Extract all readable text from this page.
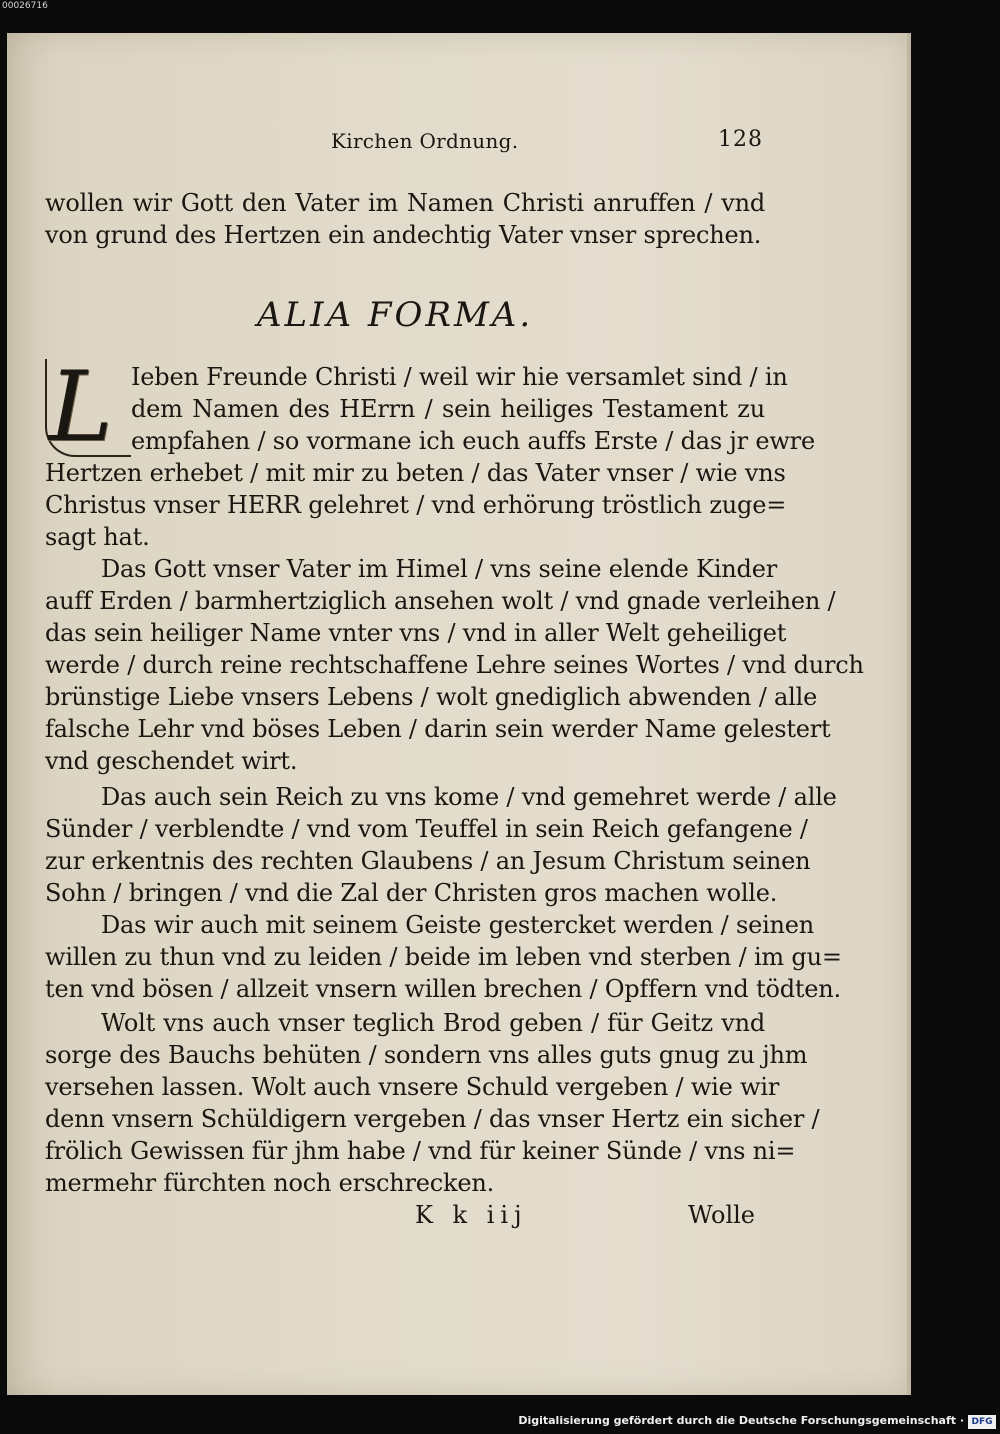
00026716
Kirchen Ordnung.	128
wollen wir Gott den Vater im Namen Christi anruffen / vnd
von grund des Hertzen ein andechtig Vater vnser sprechen.
ALIA FORMA.
L Ieben Freunde Christi / weil wir hie versamlet sind / in
dem Namen des HErrn / sein heiliges Testament zu
empfahen / so vormane ich euch auffs Erste / das jr ewre
Hertzen erhebet / mit mir zu beten / das Vater vnser / wie vns
Christus vnser HERR gelehret / vnd erhörung tröstlich zuge=
sagt hat.
Das Gott vnser Vater im Himel / vns seine elende Kinder
auff Erden / barmhertziglich ansehen wolt / vnd gnade verleihen /
das sein heiliger Name vnter vns / vnd in aller Welt geheiliget
werde / durch reine rechtschaffene Lehre seines Wortes / vnd durch
brünstige Liebe vnsers Lebens / wolt gnediglich abwenden / alle
falsche Lehr vnd böses Leben / darin sein werder Name gelestert
vnd geschendet wirt.
Das auch sein Reich zu vns kome / vnd gemehret werde / alle
Sünder / verblendte / vnd vom Teuffel in sein Reich gefangene /
zur erkentnis des rechten Glaubens / an Jesum Christum seinen
Sohn / bringen / vnd die Zal der Christen gros machen wolle.
Das wir auch mit seinem Geiste gestercket werden / seinen
willen zu thun vnd zu leiden / beide im leben vnd sterben / im gu=
ten vnd bösen / allzeit vnsern willen brechen / Opffern vnd tödten.
Wolt vns auch vnser teglich Brod geben / für Geitz vnd
sorge des Bauchs behüten / sondern vns alles guts gnug zu jhm
versehen lassen. Wolt auch vnsere Schuld vergeben / wie wir
denn vnsern Schüldigern vergeben / das vnser Hertz ein sicher /
frölich Gewissen für jhm habe / vnd für keiner Sünde / vns ni=
mermehr fürchten noch erschrecken.
K k iij	Wolle
Digitalisierung gefördert durch die Deutsche Forschungsgemeinschaft · DFG
